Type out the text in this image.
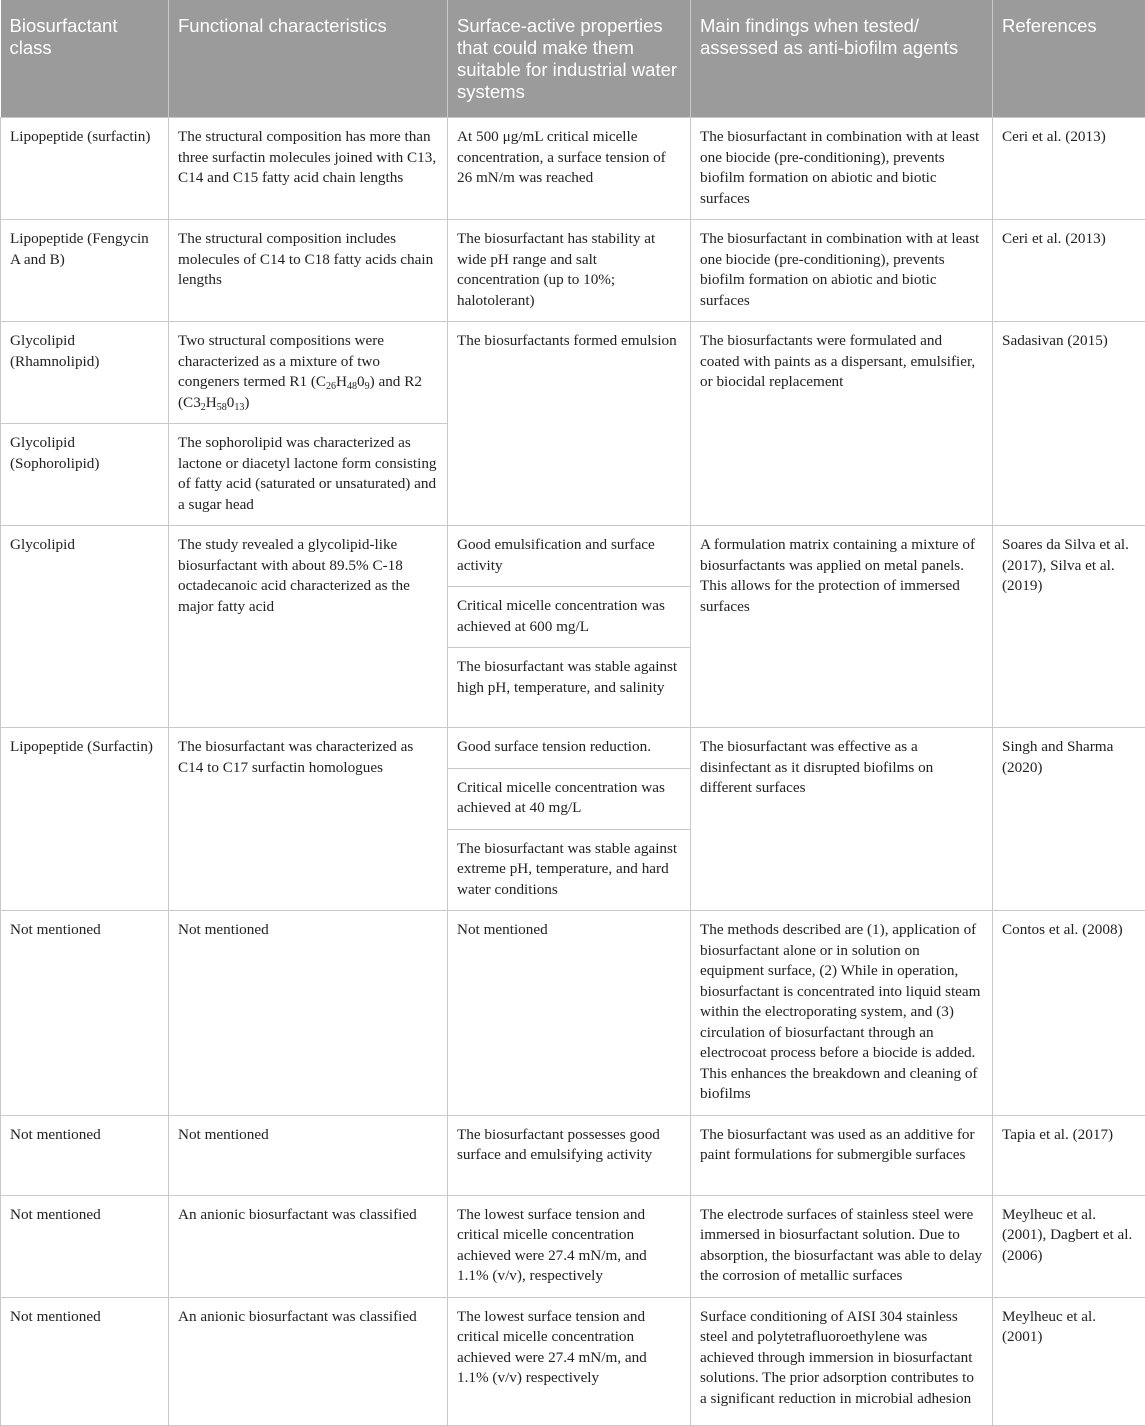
Biosurfactant class	Functional characteristics	Surface-active properties that could make them suitable for industrial water systems	Main findings when tested/ assessed as anti-biofilm agents	References
Lipopeptide (surfactin)	The structural composition has more than three surfactin molecules joined with C13, C14 and C15 fatty acid chain lengths	At 500 μg/mL critical micelle concentration, a surface tension of 26 mN/m was reached	The biosurfactant in combination with at least one biocide (pre-conditioning), prevents biofilm formation on abiotic and biotic surfaces	Ceri et al. (2013)
Lipopeptide (Fengycin A and B)	The structural composition includes molecules of C14 to C18 fatty acids chain lengths	The biosurfactant has stability at wide pH range and salt concentration (up to 10%; halotolerant)	The biosurfactant in combination with at least one biocide (pre-conditioning), prevents biofilm formation on abiotic and biotic surfaces	Ceri et al. (2013)
Glycolipid (Rhamnolipid)	Two structural compositions were characterized as a mixture of two congeners termed R1 $(C_{26}H_{48}0_9)$ and R2 $(C3_2H_{58}0_{13})$	The biosurfactants formed emulsion	The biosurfactants were formulated and coated with paints as a dispersant, emulsifier, or biocidal replacement	Sadasivan (2015)
Glycolipid (Sophorolipid)	The sophorolipid was characterized as lactone or diacetyl lactone form consisting of fatty acid (saturated or unsaturated) and a sugar head			
Glycolipid	The study revealed a glycolipid-like biosurfactant with about 89.5% C-18 octadecanoic acid characterized as the major fatty acid	Good emulsification and surface activity	A formulation matrix containing a mixture of biosurfactants was applied on metal panels. This allows for the protection of immersed surfaces	Soares da Silva et al. (2017), Silva et al. (2019)
		Critical micelle concentration was achieved at 600 mg/L		
		The biosurfactant was stable against high pH, temperature, and salinity		
Lipopeptide (Surfactin)	The biosurfactant was characterized as C14 to C17 surfactin homologues	Good surface tension reduction.	The biosurfactant was effective as a disinfectant as it disrupted biofilms on different surfaces	Singh and Sharma (2020)
		Critical micelle concentration was achieved at 40 mg/L		
		The biosurfactant was stable against extreme pH, temperature, and hard water conditions		
Not mentioned	Not mentioned	Not mentioned	The methods described are (1), application of biosurfactant alone or in solution on equipment surface, (2) While in operation, biosurfactant is concentrated into liquid steam within the electroporating system, and (3) circulation of biosurfactant through an electrocoat process before a biocide is added. This enhances the breakdown and cleaning of biofilms	Contos et al. (2008)
Not mentioned	Not mentioned	The biosurfactant possesses good surface and emulsifying activity	The biosurfactant was used as an additive for paint formulations for submergible surfaces	Tapia et al. (2017)
Not mentioned	An anionic biosurfactant was classified	The lowest surface tension and critical micelle concentration achieved were 27.4 mN/m, and 1.1% (v/v), respectively	The electrode surfaces of stainless steel were immersed in biosurfactant solution. Due to absorption, the biosurfactant was able to delay the corrosion of metallic surfaces	Meylheuc et al. (2001), Dagbert et al. (2006)
Not mentioned	An anionic biosurfactant was classified	The lowest surface tension and critical micelle concentration achieved were 27.4 mN/m, and 1.1% (v/v) respectively	Surface conditioning of AISI 304 stainless steel and polytetrafluoroethylene was achieved through immersion in biosurfactant solutions. The prior adsorption contributes to a significant reduction in microbial adhesion	Meylheuc et al. (2001)
